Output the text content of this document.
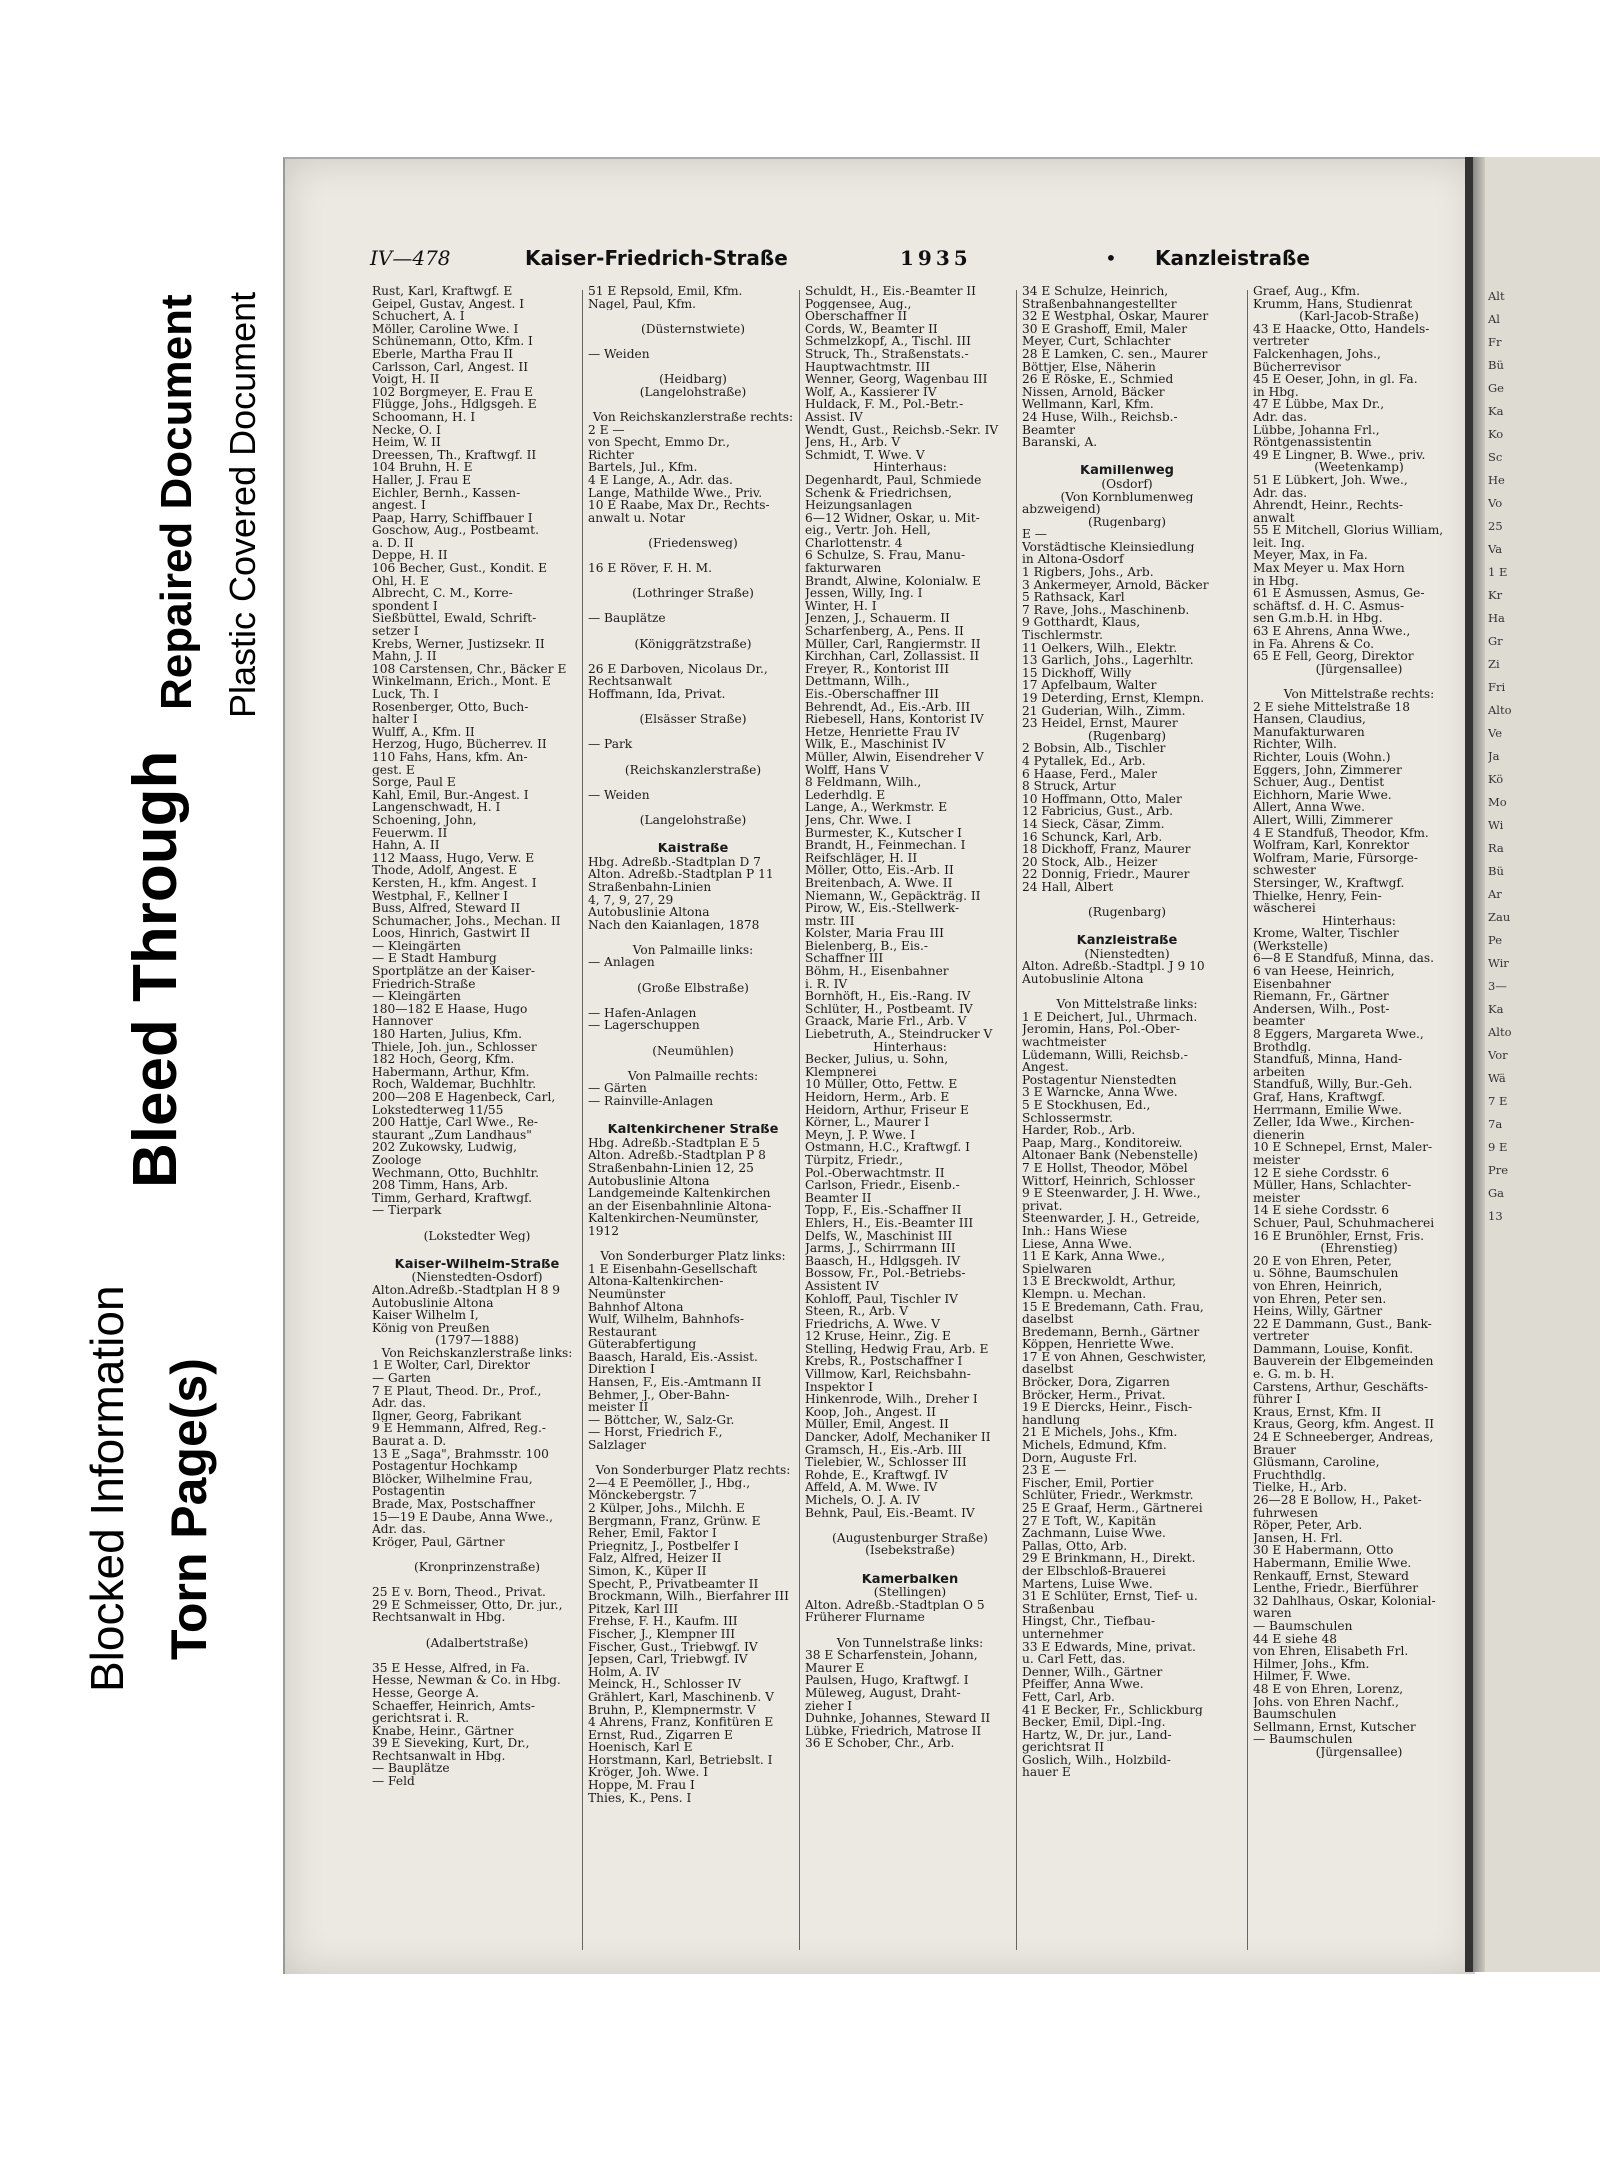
Blocked Information Torn Page(s)
Bleed Through
Repaired Document Plastic Covered Document
IV—478	Kaiser-Friedrich-Straße	1935	• Kanzleistraße
Rust, Karl, Kraftwgf. E
Geipel, Gustav, Angest. I
Schuchert, A. I
Möller, Caroline Wwe. I
Schünemann, Otto, Kfm. I
Eberle, Martha Frau II
Carlsson, Carl, Angest. II
Voigt, H. II
102 Borgmeyer, E. Frau E
Flügge, Johs., Hdlgsgeh. E
Schoomann, H. I
Necke, O. I
Heim, W. II
Dreessen, Th., Kraftwgf. II
104 Bruhn, H. E
Haller, J. Frau E
Eichler, Bernh., Kassen-
angest. I
Paap, Harry, Schiffbauer I
Goschow, Aug., Postbeamt.
a. D. II
Deppe, H. II
106 Becher, Gust., Kondit. E
Ohl, H. E
Albrecht, C. M., Korre-
spondent I
Sießbüttel, Ewald, Schrift-
setzer I
Krebs, Werner, Justizsekr. II
Mahn, J. II
108 Carstensen, Chr., Bäcker E
Winkelmann, Erich., Mont. E
Luck, Th. I
Rosenberger, Otto, Buch-
halter I
Wulff, A., Kfm. II
Herzog, Hugo, Bücherrev. II
110 Fahs, Hans, kfm. An-
gest. E
Sorge, Paul E
Kahl, Emil, Bur.-Angest. I
Langenschwadt, H. I
Schoening, John,
Feuerwm. II
Hahn, A. II
112 Maass, Hugo, Verw. E
Thode, Adolf, Angest. E
Kersten, H., kfm. Angest. I
Westphal, F., Kellner I
Buss, Alfred, Steward II
Schumacher, Johs., Mechan. II
Loos, Hinrich, Gastwirt II
— Kleingärten
— E Stadt Hamburg
Sportplätze an der Kaiser-
Friedrich-Straße
— Kleingärten
180—182 E Haase, Hugo
Hannover
180 Harten, Julius, Kfm.
Thiele, Joh. jun., Schlosser
182 Hoch, Georg, Kfm.
Habermann, Arthur, Kfm.
Roch, Waldemar, Buchhltr.
200—208 E Hagenbeck, Carl,
Lokstedterweg 11/55
200 Hattje, Carl Wwe., Re-
staurant „Zum Landhaus"
202 Zukowsky, Ludwig,
Zoologe
Wechmann, Otto, Buchhltr.
208 Timm, Hans, Arb.
Timm, Gerhard, Kraftwgf.
— Tierpark

(Lokstedter Weg)

Kaiser-Wilhelm-Straße
(Nienstedten-Osdorf)
Alton.Adreßb.-Stadtplan H 8 9
Autobuslinie Altona
Kaiser Wilhelm I,
König von Preußen
(1797—1888)
Von Reichskanzlerstraße links:
1 E Wolter, Carl, Direktor
— Garten
7 E Plaut, Theod. Dr., Prof.,
Adr. das.
Ilgner, Georg, Fabrikant
9 E Hemmann, Alfred, Reg.-
Baurat a. D.
13 E „Saga", Brahmsstr. 100
Postagentur Hochkamp
Blöcker, Wilhelmine Frau,
Postagentin
Brade, Max, Postschaffner
15—19 E Daube, Anna Wwe.,
Adr. das.
Kröger, Paul, Gärtner

(Kronprinzenstraße)

25 E v. Born, Theod., Privat.
29 E Schmeisser, Otto, Dr. jur.,
Rechtsanwalt in Hbg.

(Adalbertstraße)

35 E Hesse, Alfred, in Fa.
Hesse, Newman & Co. in Hbg.
Hesse, George A.
Schaeffer, Heinrich, Amts-
gerichtsrat i. R.
Knabe, Heinr., Gärtner
39 E Sieveking, Kurt, Dr.,
Rechtsanwalt in Hbg.
— Bauplätze
— Feld
51 E Repsold, Emil, Kfm.
Nagel, Paul, Kfm.

(Düsternstwiete)

— Weiden

(Heidbarg)
(Langelohstraße)

Von Reichskanzlerstraße rechts:
2 E —
von Specht, Emmo Dr.,
Richter
Bartels, Jul., Kfm.
4 E Lange, A., Adr. das.
Lange, Mathilde Wwe., Priv.
10 E Raabe, Max Dr., Rechts-
anwalt u. Notar

(Friedensweg)

16 E Röver, F. H. M.

(Lothringer Straße)

— Bauplätze

(Königgrätzstraße)

26 E Darboven, Nicolaus Dr.,
Rechtsanwalt
Hoffmann, Ida, Privat.

(Elsässer Straße)

— Park

(Reichskanzlerstraße)

— Weiden

(Langelohstraße)

Kaistraße
Hbg. Adreßb.-Stadtplan D 7
Alton. Adreßb.-Stadtplan P 11
Straßenbahn-Linien
4, 7, 9, 27, 29
Autobuslinie Altona
Nach den Kaianlagen, 1878

Von Palmaille links:
— Anlagen

(Große Elbstraße)

— Hafen-Anlagen
— Lagerschuppen

(Neumühlen)

Von Palmaille rechts:
— Gärten
— Rainville-Anlagen

Kaltenkirchener Straße
Hbg. Adreßb.-Stadtplan E 5
Alton. Adreßb.-Stadtplan P 8
Straßenbahn-Linien 12, 25
Autobuslinie Altona
Landgemeinde Kaltenkirchen
an der Eisenbahnlinie Altona-
Kaltenkirchen-Neumünster,
1912

Von Sonderburger Platz links:
1 E Eisenbahn-Gesellschaft
Altona-Kaltenkirchen-
Neumünster
Bahnhof Altona
Wulf, Wilhelm, Bahnhofs-
Restaurant
Güterabfertigung
Baasch, Harald, Eis.-Assist.
Direktion I
Hansen, F., Eis.-Amtmann II
Behmer, J., Ober-Bahn-
meister II
— Böttcher, W., Salz-Gr.
— Horst, Friedrich F.,
Salzlager

Von Sonderburger Platz rechts:
2—4 E Peemöller, J., Hbg.,
Mönckebergstr. 7
2 Külper, Johs., Milchh. E
Bergmann, Franz, Grünw. E
Reher, Emil, Faktor I
Priegnitz, J., Postbelfer I
Falz, Alfred, Heizer II
Simon, K., Küper II
Specht, P., Privatbeamter II
Brockmann, Wilh., Bierfahrer III
Pitzek, Karl III
Frehse, F. H., Kaufm. III
Fischer, J., Klempner III
Fischer, Gust., Triebwgf. IV
Jepsen, Carl, Triebwgf. IV
Holm, A. IV
Meinck, H., Schlosser IV
Grählert, Karl, Maschinenb. V
Bruhn, P., Klempnermstr. V
4 Ahrens, Franz, Konfitüren E
Ernst, Rud., Zigarren E
Hoenisch, Karl E
Horstmann, Karl, Betriebslt. I
Kröger, Joh. Wwe. I
Hoppe, M. Frau I
Thies, K., Pens. I
Schuldt, H., Eis.-Beamter II
Poggensee, Aug.,
Oberschaffner II
Cords, W., Beamter II
Schmelzkopf, A., Tischl. III
Struck, Th., Straßenstats.-
Hauptwachtmstr. III
Wenner, Georg, Wagenbau III
Wolf, A., Kassierer IV
Huldack, F. M., Pol.-Betr.-
Assist. IV
Wendt, Gust., Reichsb.-Sekr. IV
Jens, H., Arb. V
Schmidt, T. Wwe. V
Hinterhaus:
Degenhardt, Paul, Schmiede
Schenk & Friedrichsen,
Heizungsanlagen
6—12 Widner, Oskar, u. Mit-
eig., Vertr. Joh. Hell,
Charlottenstr. 4
6 Schulze, S. Frau, Manu-
fakturwaren
Brandt, Alwine, Kolonialw. E
Jessen, Willy, Ing. I
Winter, H. I
Jenzen, J., Schauerm. II
Scharfenberg, A., Pens. II
Müller, Carl, Rangiermstr. II
Kirchhan, Carl, Zollassist. II
Freyer, R., Kontorist III
Dettmann, Wilh.,
Eis.-Oberschaffner III
Behrendt, Ad., Eis.-Arb. III
Riebesell, Hans, Kontorist IV
Hetze, Henriette Frau IV
Wilk, E., Maschinist IV
Müller, Alwin, Eisendreher V
Wolff, Hans V
8 Feldmann, Wilh.,
Lederhdlg. E
Lange, A., Werkmstr. E
Jens, Chr. Wwe. I
Burmester, K., Kutscher I
Brandt, H., Feinmechan. I
Reifschläger, H. II
Möller, Otto, Eis.-Arb. II
Breitenbach, A. Wwe. II
Niemann, W., Gepäckträg. II
Pirow, W., Eis.-Stellwerk-
mstr. III
Kolster, Maria Frau III
Bielenberg, B., Eis.-
Schaffner III
Böhm, H., Eisenbahner
i. R. IV
Bornhöft, H., Eis.-Rang. IV
Schlüter, H., Postbeamt. IV
Graack, Marie Frl., Arb. V
Liebetruth, A., Steindrucker V
Hinterhaus:
Becker, Julius, u. Sohn,
Klempnerei
10 Müller, Otto, Fettw. E
Heidorn, Herm., Arb. E
Heidorn, Arthur, Friseur E
Körner, L., Maurer I
Meyn, J. P. Wwe. I
Ostmann, H.C., Kraftwgf. I
Türpitz, Friedr.,
Pol.-Oberwachtmstr. II
Carlson, Friedr., Eisenb.-
Beamter II
Topp, F., Eis.-Schaffner II
Ehlers, H., Eis.-Beamter III
Delfs, W., Maschinist III
Jarms, J., Schirrmann III
Baasch, H., Hdlgsgeh. IV
Bossow, Fr., Pol.-Betriebs-
Assistent IV
Kohloff, Paul, Tischler IV
Steen, R., Arb. V
Friedrichs, A. Wwe. V
12 Kruse, Heinr., Zig. E
Stelling, Hedwig Frau, Arb. E
Krebs, R., Postschaffner I
Villmow, Karl, Reichsbahn-
Inspektor I
Hinkenrode, Wilh., Dreher I
Koop, Joh., Angest. II
Müller, Emil, Angest. II
Dancker, Adolf, Mechaniker II
Gramsch, H., Eis.-Arb. III
Tielebier, W., Schlosser III
Rohde, E., Kraftwgf. IV
Affeld, A. M. Wwe. IV
Michels, O. J. A. IV
Behnk, Paul, Eis.-Beamt. IV

(Augustenburger Straße)
(Isebekstraße)

Kamerbalken
(Stellingen)
Alton. Adreßb.-Stadtplan O 5
Früherer Flurname

Von Tunnelstraße links:
38 E Scharfenstein, Johann,
Maurer E
Paulsen, Hugo, Kraftwgf. I
Müleweg, August, Draht-
zieher I
Duhnke, Johannes, Steward II
Lübke, Friedrich, Matrose II
36 E Schober, Chr., Arb.
34 E Schulze, Heinrich,
Straßenbahnangestellter
32 E Westphal, Oskar, Maurer
30 E Grashoff, Emil, Maler
Meyer, Curt, Schlachter
28 E Lamken, C. sen., Maurer
Böttjer, Else, Näherin
26 E Röske, E., Schmied
Nissen, Arnold, Bäcker
Wellmann, Karl, Kfm.
24 Huse, Wilh., Reichsb.-
Beamter
Baranski, A.

Kamillenweg
(Osdorf)
(Von Kornblumenweg
abzweigend)
(Rugenbarg)
E —
Vorstädtische Kleinsiedlung
in Altona-Osdorf
1 Rigbers, Johs., Arb.
3 Ankermeyer, Arnold, Bäcker
5 Rathsack, Karl
7 Rave, Johs., Maschinenb.
9 Gotthardt, Klaus,
Tischlermstr.
11 Oelkers, Wilh., Elektr.
13 Garlich, Johs., Lagerhltr.
15 Dickhoff, Willy
17 Apfelbaum, Walter
19 Deterding, Ernst, Klempn.
21 Guderian, Wilh., Zimm.
23 Heidel, Ernst, Maurer
(Rugenbarg)
2 Bobsin, Alb., Tischler
4 Pytallek, Ed., Arb.
6 Haase, Ferd., Maler
8 Struck, Artur
10 Hoffmann, Otto, Maler
12 Fabricius, Gust., Arb.
14 Sieck, Cäsar, Zimm.
16 Schunck, Karl, Arb.
18 Dickhoff, Franz, Maurer
20 Stock, Alb., Heizer
22 Donnig, Friedr., Maurer
24 Hall, Albert

(Rugenbarg)

Kanzleistraße
(Nienstedten)
Alton. Adreßb.-Stadtpl. J 9 10
Autobuslinie Altona

Von Mittelstraße links:
1 E Deichert, Jul., Uhrmach.
Jeromin, Hans, Pol.-Ober-
wachtmeister
Lüdemann, Willi, Reichsb.-
Angest.
Postagentur Nienstedten
3 E Warncke, Anna Wwe.
5 E Stockhusen, Ed.,
Schlossermstr.
Harder, Rob., Arb.
Paap, Marg., Konditoreiw.
Altonaer Bank (Nebenstelle)
7 E Hollst, Theodor, Möbel
Wittorf, Heinrich, Schlosser
9 E Steenwarder, J. H. Wwe.,
privat.
Steenwarder, J. H., Getreide,
Inh.: Hans Wiese
Liese, Anna Wwe.
11 E Kark, Anna Wwe.,
Spielwaren
13 E Breckwoldt, Arthur,
Klempn. u. Mechan.
15 E Bredemann, Cath. Frau,
daselbst
Bredemann, Bernh., Gärtner
Köppen, Henriette Wwe.
17 E von Ahnen, Geschwister,
daselbst
Bröcker, Dora, Zigarren
Bröcker, Herm., Privat.
19 E Diercks, Heinr., Fisch-
handlung
21 E Michels, Johs., Kfm.
Michels, Edmund, Kfm.
Dorn, Auguste Frl.
23 E —
Fischer, Emil, Portier
Schlüter, Friedr., Werkmstr.
25 E Graaf, Herm., Gärtnerei
27 E Toft, W., Kapitän
Zachmann, Luise Wwe.
Pallas, Otto, Arb.
29 E Brinkmann, H., Direkt.
der Elbschloß-Brauerei
Martens, Luise Wwe.
31 E Schlüter, Ernst, Tief- u.
Straßenbau
Hingst, Chr., Tiefbau-
unternehmer
33 E Edwards, Mine, privat.
u. Carl Fett, das.
Denner, Wilh., Gärtner
Pfeiffer, Anna Wwe.
Fett, Carl, Arb.
41 E Becker, Fr., Schlickburg
Becker, Emil, Dipl.-Ing.
Hartz, W., Dr. jur., Land-
gerichtsrat II
Goslich, Wilh., Holzbild-
hauer E
Graef, Aug., Kfm.
Krumm, Hans, Studienrat
(Karl-Jacob-Straße)
43 E Haacke, Otto, Handels-
vertreter
Falckenhagen, Johs.,
Bücherrevisor
45 E Oeser, John, in gl. Fa.
in Hbg.
47 E Lübbe, Max Dr.,
Adr. das.
Lübbe, Johanna Frl.,
Röntgenassistentin
49 E Lingner, B. Wwe., priv.
(Weetenkamp)
51 E Lübkert, Joh. Wwe.,
Adr. das.
Ahrendt, Heinr., Rechts-
anwalt
55 E Mitchell, Glorius William,
leit. Ing.
Meyer, Max, in Fa.
Max Meyer u. Max Horn
in Hbg.
61 E Asmussen, Asmus, Ge-
schäftsf. d. H. C. Asmus-
sen G.m.b.H. in Hbg.
63 E Ahrens, Anna Wwe.,
in Fa. Ahrens & Co.
65 E Fell, Georg, Direktor
(Jürgensallee)

Von Mittelstraße rechts:
2 E siehe Mittelstraße 18
Hansen, Claudius,
Manufakturwaren
Richter, Wilh.
Richter, Louis (Wohn.)
Eggers, John, Zimmerer
Schuer, Aug., Dentist
Eichhorn, Marie Wwe.
Allert, Anna Wwe.
Allert, Willi, Zimmerer
4 E Standfuß, Theodor, Kfm.
Wolfram, Karl, Konrektor
Wolfram, Marie, Fürsorge-
schwester
Stersinger, W., Kraftwgf.
Thielke, Henry, Fein-
wäscherei
Hinterhaus:
Krome, Walter, Tischler
(Werkstelle)
6—8 E Standfuß, Minna, das.
6 van Heese, Heinrich,
Eisenbahner
Riemann, Fr., Gärtner
Andersen, Wilh., Post-
beamter
8 Eggers, Margareta Wwe.,
Brothdlg.
Standfuß, Minna, Hand-
arbeiten
Standfuß, Willy, Bur.-Geh.
Graf, Hans, Kraftwgf.
Herrmann, Emilie Wwe.
Zeller, Ida Wwe., Kirchen-
dienerin
10 E Schnepel, Ernst, Maler-
meister
12 E siehe Cordsstr. 6
Müller, Hans, Schlachter-
meister
14 E siehe Cordsstr. 6
Schuer, Paul, Schuhmacherei
16 E Brunöhler, Ernst, Fris.
(Ehrenstieg)
20 E von Ehren, Peter,
u. Söhne, Baumschulen
von Ehren, Heinrich,
von Ehren, Peter sen.
Heins, Willy, Gärtner
22 E Dammann, Gust., Bank-
vertreter
Dammann, Louise, Konfit.
Bauverein der Elbgemeinden
e. G. m. b. H.
Carstens, Arthur, Geschäfts-
führer I
Kraus, Ernst, Kfm. II
Kraus, Georg, kfm. Angest. II
24 E Schneeberger, Andreas,
Brauer
Glüsmann, Caroline,
Fruchthdlg.
Tielke, H., Arb.
26—28 E Bollow, H., Paket-
fuhrwesen
Röper, Peter, Arb.
Jansen, H. Frl.
30 E Habermann, Otto
Habermann, Emilie Wwe.
Renkauff, Ernst, Steward
Lenthe, Friedr., Bierführer
32 Dahlhaus, Oskar, Kolonial-
waren
— Baumschulen
44 E siehe 48
von Ehren, Elisabeth Frl.
Hilmer, Johs., Kfm.
Hilmer, F. Wwe.
48 E von Ehren, Lorenz,
Johs. von Ehren Nachf.,
Baumschulen
Sellmann, Ernst, Kutscher
— Baumschulen
(Jürgensallee)
Alt
Al
Fr
Bü
Ge
Ka
Ko
Sc
He
Vo
25
Va
1 E
Kr
Ha
Gr
Zi
Fri
Alto
Ve
Ja
Kö
Mo
Wi
Ra
Bü
Ar
Zau
Pe
Wir
3—
Ka
Alto
Vor
Wä
7 E
7a
9 E
Pre
Ga
13
